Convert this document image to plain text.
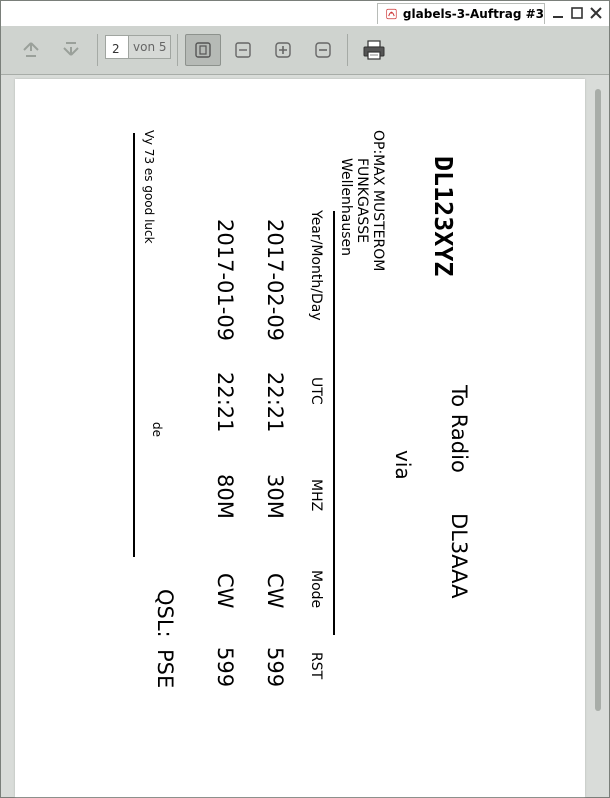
glabels-3-Auftrag #3
2
von 5
DL123XYZ
To Radio
DL3AAA
via
OP:MAX MUSTEROM
FUNKGASSE
Wellenhausen
Year/Month/Day
UTC
MHZ
Mode
RST
2017-02-09
22:21
30M
CW
599
2017-01-09
22:21
80M
CW
599
QSL:
PSE
Vy 73 es good luck
de
